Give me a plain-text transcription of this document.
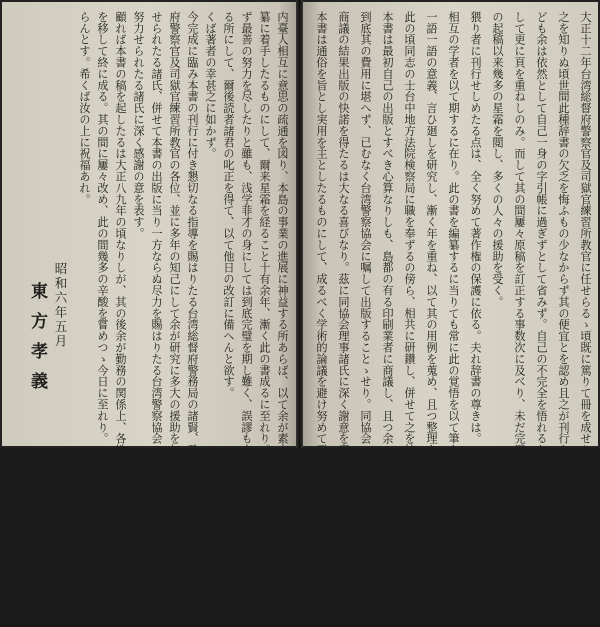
大正十二年台湾総督府警察官及司獄官練習所教官に任せらるゝ頃既に篤りて冊を成せり。同所練習生諸士
之を知りぬ頃世間此種辞書の欠乏を悔ふもの少なからず其の便宜とを認め且之が刊行を希望するもの多き、然れ
ども余は依然として自己一身の字引帳に過ぎずとして省みず。自己の不完全を悟れるなり。唯以て孜々励精
して更に頁を重ねしのみ。而して其の間屢々原稿を訂正する事数次に及べり、未だ完璧に至らざるを省みず此の書
の起稿以来幾多の星霜を閲し、多くの人々の援助を受く。
猥り者に刊行せしめたる点は、全く努めて著作権の保護に依る。夫れ辞書の尊きは。
相互の学者を以て期するに在り。此の書を編纂するに当りても常に此の覚悟を以て筆を執れり。
一語一語の意義、言ひ廻しを研究し、漸く年を重ね、以て其の用例を蒐め、且つ整理を加へたり。
此の頃同志の士台中地方法院検察局に職を奉ずるの傍ら、相共に研鑽し、併せて之を校閲せり。
本書は最初自己の出版とすべき心算なりしも、島都の有る印刷業者に商議し、且つ余の求むる
到底其の費用に堪へず、已むなく台湾警察協会に嘱して出版することゝせり。同協会
商議の結果出版の快諾を得たるは大なる喜びなり。茲に同協会理事諸氏に深く謝意を表す。
本書は通俗を旨とし実用を主としたるものにして、成るべく学術的論議を避け努めて平易簡明を期せり。
内臺人相互に意思の疏通を図り、本島の事業の進展に神益する所あらば、以て余が素志の一端をも果さんと思ひ、敢て編
纂に着手したるものにして、爾来星霜を経ること十有余年、漸く此の書成るに至れり。
ず最善の努力を尽したりと雖も、浅学菲才の身にしては到底完璧を期し難く、誤謬も亦少からざるを恐る。
る所にして、爾後読者諸君の叱正を得て、以て他日の改訂に備へんと欲す。
くば著者の幸甚之に如かず。
今完成に臨み本書の刊行に付き懇切なる指導を賜はりたる台湾総督府警務局の諸賢、及び台中
府警察官及司獄官練習所教官の各位、並に多年の知己にして余が研究に多大の援助を与へられたる
せられたる諸氏、併せて本書の出版に当り一方ならぬ尽力を賜はりたる台湾警察協会の諸氏に対し、
努力せられたる諸氏に深く感謝の意を表す。
顧れば本書の稿を起したるは大正八九年の頃なりしが、其の後余が勤務の関係上、各地を転々とし、
を移して終に成る。其の間に屢々改め、此の間幾多の辛酸を嘗めつゝ今日に至れり。
らんとす。希くば汝の上に祝福あれ。
昭和六年五月
東方孝義
